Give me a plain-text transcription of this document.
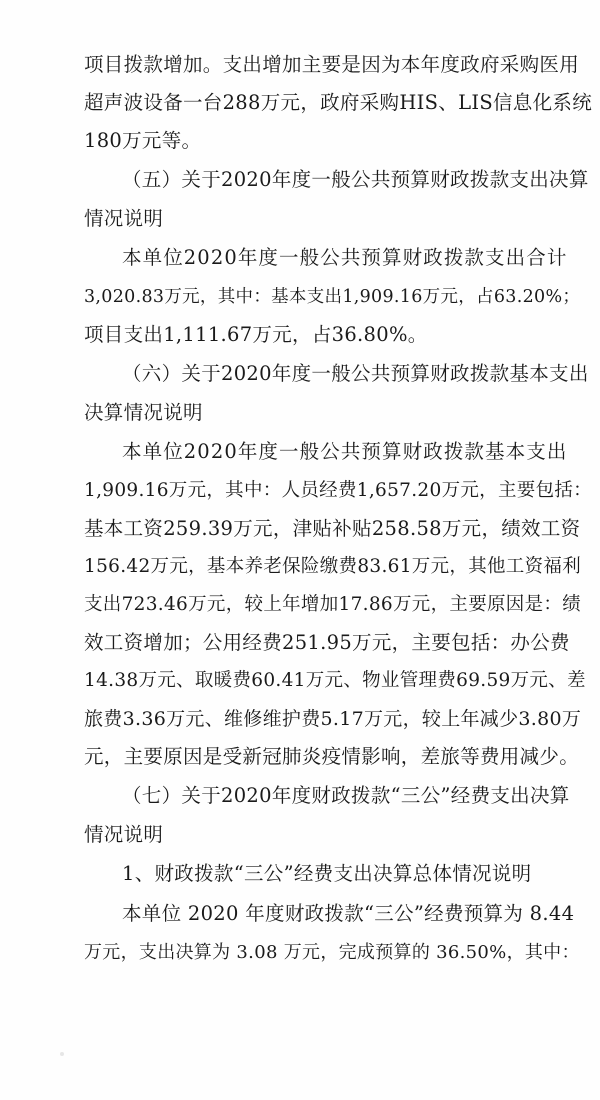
项目拨款增加。支出增加主要是因为本年度政府采购医用
超声波设备一台288万元，政府采购HIS、LIS信息化系统
180万元等。
（五）关于2020年度一般公共预算财政拨款支出决算
情况说明
本单位2020年度一般公共预算财政拨款支出合计
3,020.83万元，其中：基本支出1,909.16万元，占63.20%；
项目支出1,111.67万元，占36.80%。
（六）关于2020年度一般公共预算财政拨款基本支出
决算情况说明
本单位2020年度一般公共预算财政拨款基本支出
1,909.16万元，其中：人员经费1,657.20万元，主要包括：
基本工资259.39万元，津贴补贴258.58万元，绩效工资
156.42万元，基本养老保险缴费83.61万元，其他工资福利
支出723.46万元，较上年增加17.86万元，主要原因是：绩
效工资增加；公用经费251.95万元，主要包括：办公费
14.38万元、取暖费60.41万元、物业管理费69.59万元、差
旅费3.36万元、维修维护费5.17万元，较上年减少3.80万
元，主要原因是受新冠肺炎疫情影响，差旅等费用减少。
（七）关于2020年度财政拨款“三公”经费支出决算
情况说明
1、财政拨款“三公”经费支出决算总体情况说明
本单位 2020 年度财政拨款“三公”经费预算为 8.44
万元，支出决算为 3.08 万元，完成预算的 36.50%，其中：
